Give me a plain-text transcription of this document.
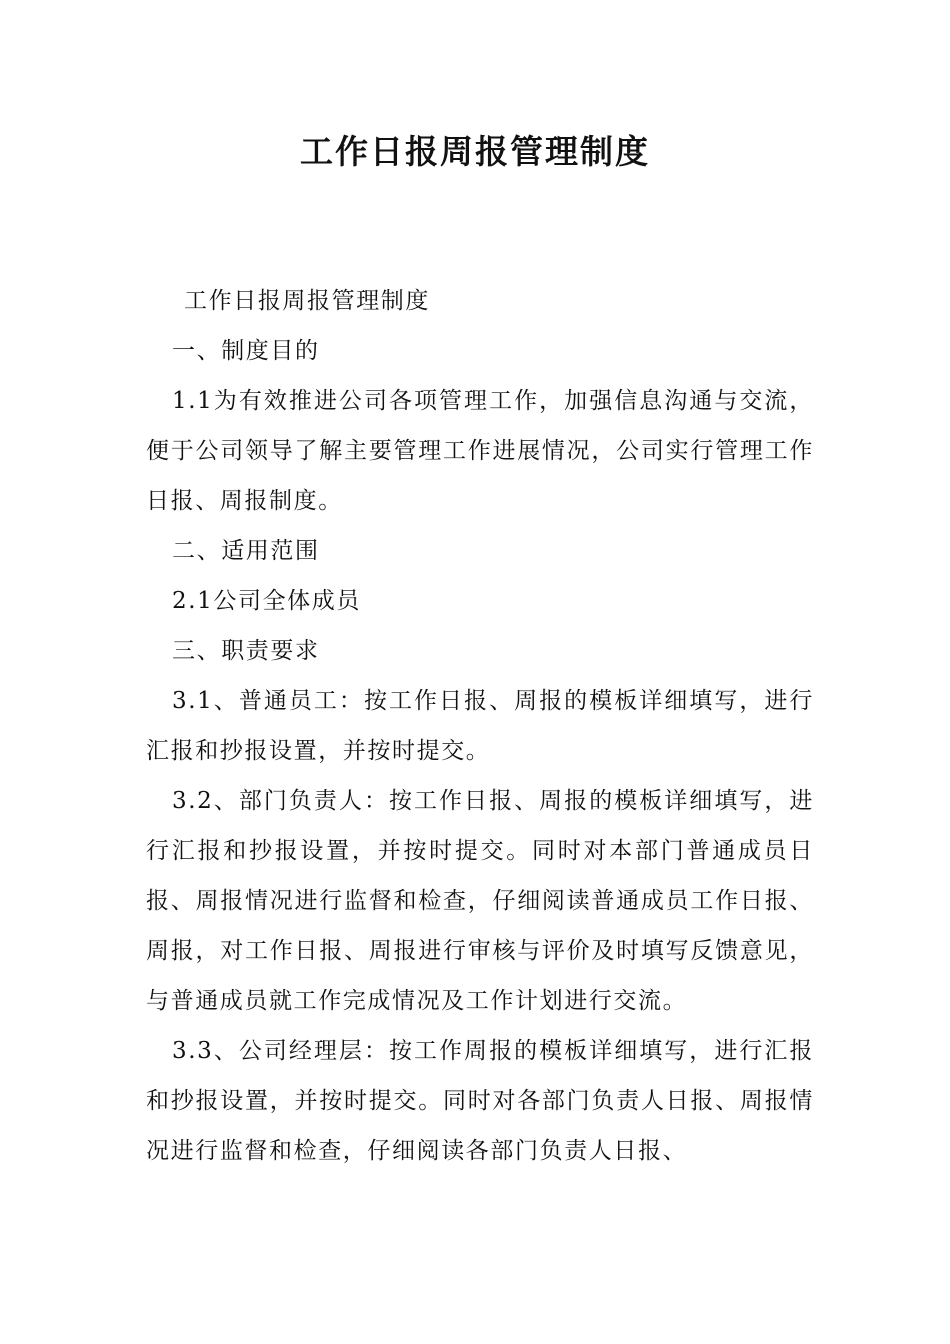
工作日报周报管理制度

工作日报周报管理制度

一、制度目的

1.1为有效推进公司各项管理工作，加强信息沟通与交流，便于公司领导了解主要管理工作进展情况，公司实行管理工作日报、周报制度。

二、适用范围

2.1公司全体成员

三、职责要求

3.1、普通员工：按工作日报、周报的模板详细填写，进行汇报和抄报设置，并按时提交。

3.2、部门负责人：按工作日报、周报的模板详细填写，进行汇报和抄报设置，并按时提交。同时对本部门普通成员日报、周报情况进行监督和检查，仔细阅读普通成员工作日报、周报，对工作日报、周报进行审核与评价及时填写反馈意见，与普通成员就工作完成情况及工作计划进行交流。

3.3、公司经理层：按工作周报的模板详细填写，进行汇报和抄报设置，并按时提交。同时对各部门负责人日报、周报情况进行监督和检查，仔细阅读各部门负责人日报、
